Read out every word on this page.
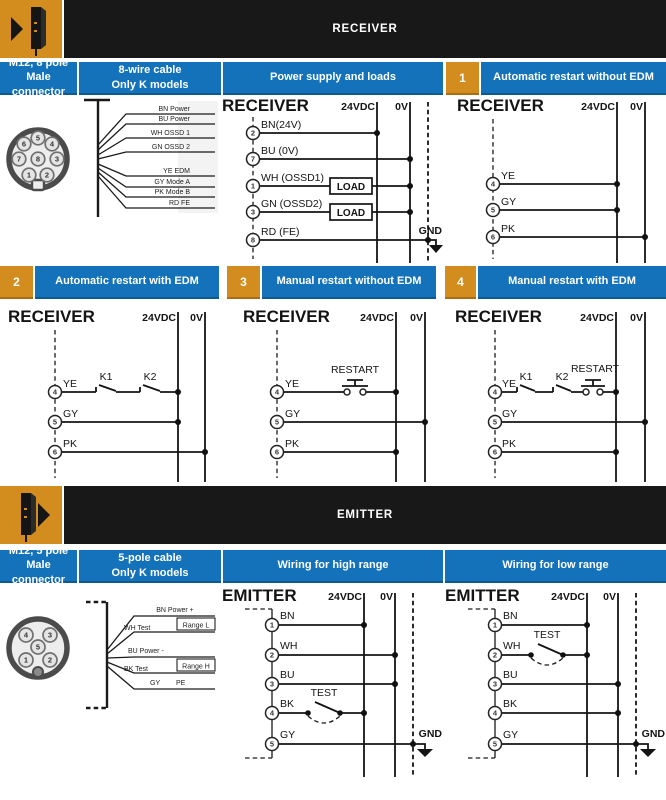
RECEIVER
M12, 8 pole
Male connector
8-wire cable
Only K models
Power supply and loads	1 Automatic restart without EDM
1 2
3
4
5
6
7 8
BN Power
BU Power
WH OSSD 1
GN OSSD 2
YE EDM
GY Mode A
PK Mode B
RD FE
RECEIVER	24VDC 0V
BN(24V)
BU (0V)
WH (OSSD1)
LOAD
GN (OSSD2)
LOAD
RD (FE)	GND
2
7
1
3
8
RECEIVER	24VDC 0V
YE
GY
PK
4
5
6
2	Automatic restart with EDM	3	Manual restart without EDM	4	Manual restart with EDM
RECEIVER	24VDC 0V
YE
K1	K2
GY
PK
4
5
6
RECEIVER	24VDC 0V
YE
RESTART
GY
PK
4
5
6
RECEIVER	24VDC 0V
YE
K1 K2
RESTART
GY
PK
4
5
6
EMITTER
M12, 5 pole
Male connector
5-pole cable
Only K models
Wiring for high range	Wiring for low range
1	2
3
4
5
BN Power +
Range L
WH Test
BU Power -
Range H
BK Test
GY PE
EMITTER	24VDC 0V
BN
WH
BU
BK
TEST
GY	GND
1
2
3
4
5
EMITTER	24VDC 0V
BN
WH
TEST
BU
BK
GY	GND
1
2
3
4
5
